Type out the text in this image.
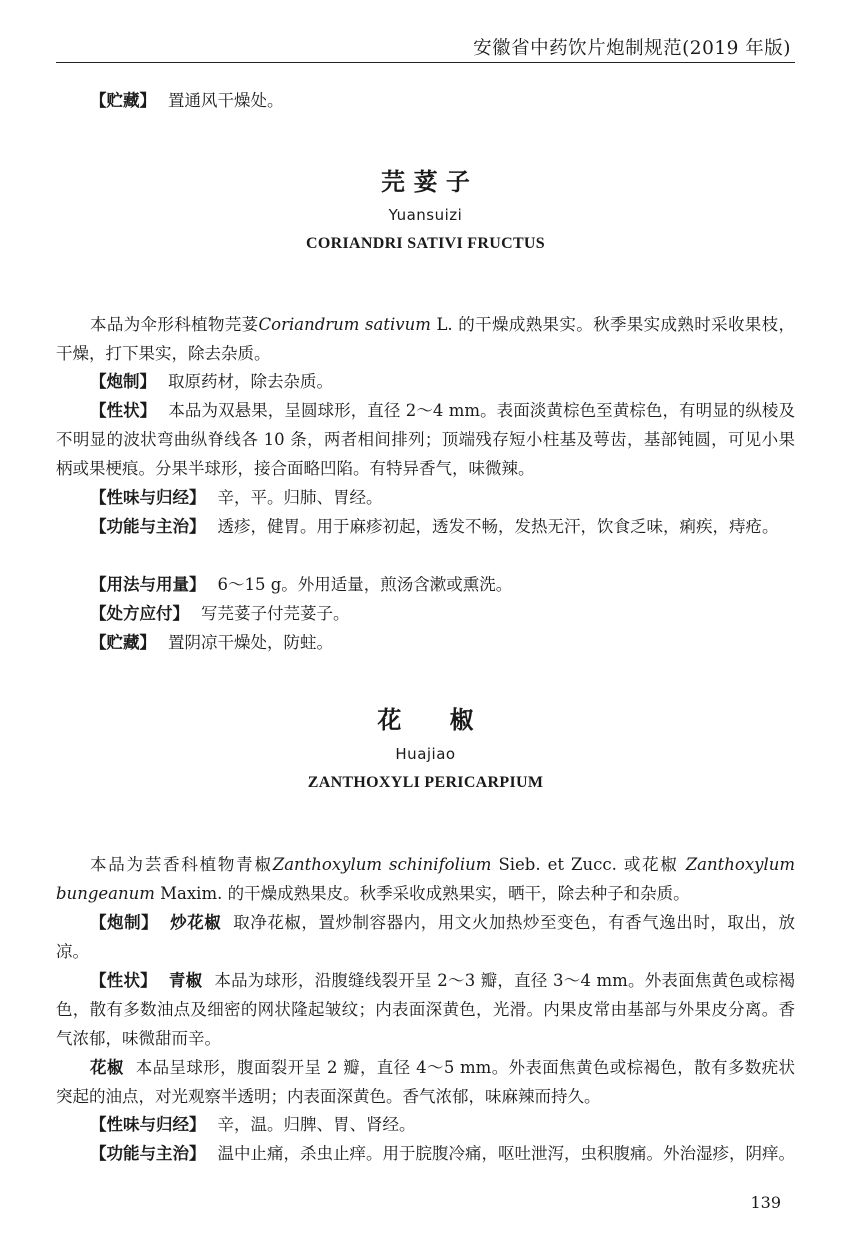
安徽省中药饮片炮制规范(2019 年版)
【贮藏】 置通风干燥处。
芫 荽 子
Yuansuizi
CORIANDRI SATIVI FRUCTUS
本品为伞形科植物芫荽Coriandrum sativum L. 的干燥成熟果实。秋季果实成熟时采收果枝，干燥，打下果实，除去杂质。
【炮制】 取原药材，除去杂质。
【性状】 本品为双悬果，呈圆球形，直径 2～4 mm。表面淡黄棕色至黄棕色，有明显的纵棱及不明显的波状弯曲纵脊线各 10 条，两者相间排列；顶端残存短小柱基及萼齿，基部钝圆，可见小果柄或果梗痕。分果半球形，接合面略凹陷。有特异香气，味微辣。
【性味与归经】 辛，平。归肺、胃经。
【功能与主治】 透疹，健胃。用于麻疹初起，透发不畅，发热无汗，饮食乏味，痢疾，痔疮。
【用法与用量】 6～15 g。外用适量，煎汤含漱或熏洗。
【处方应付】 写芫荽子付芫荽子。
【贮藏】 置阴凉干燥处，防蛀。
花 椒
Huajiao
ZANTHOXYLI PERICARPIUM
本品为芸香科植物青椒Zanthoxylum schinifolium Sieb. et Zucc. 或花椒 Zanthoxylum bungeanum Maxim. 的干燥成熟果皮。秋季采收成熟果实，晒干，除去种子和杂质。
【炮制】 炒花椒 取净花椒，置炒制容器内，用文火加热炒至变色，有香气逸出时，取出，放凉。
【性状】 青椒 本品为球形，沿腹缝线裂开呈 2～3 瓣，直径 3～4 mm。外表面焦黄色或棕褐色，散有多数油点及细密的网状隆起皱纹；内表面深黄色，光滑。内果皮常由基部与外果皮分离。香气浓郁，味微甜而辛。
花椒 本品呈球形，腹面裂开呈 2 瓣，直径 4～5 mm。外表面焦黄色或棕褐色，散有多数疣状突起的油点，对光观察半透明；内表面深黄色。香气浓郁，味麻辣而持久。
【性味与归经】 辛，温。归脾、胃、肾经。
【功能与主治】 温中止痛，杀虫止痒。用于脘腹冷痛，呕吐泄泻，虫积腹痛。外治湿疹，阴痒。
139
